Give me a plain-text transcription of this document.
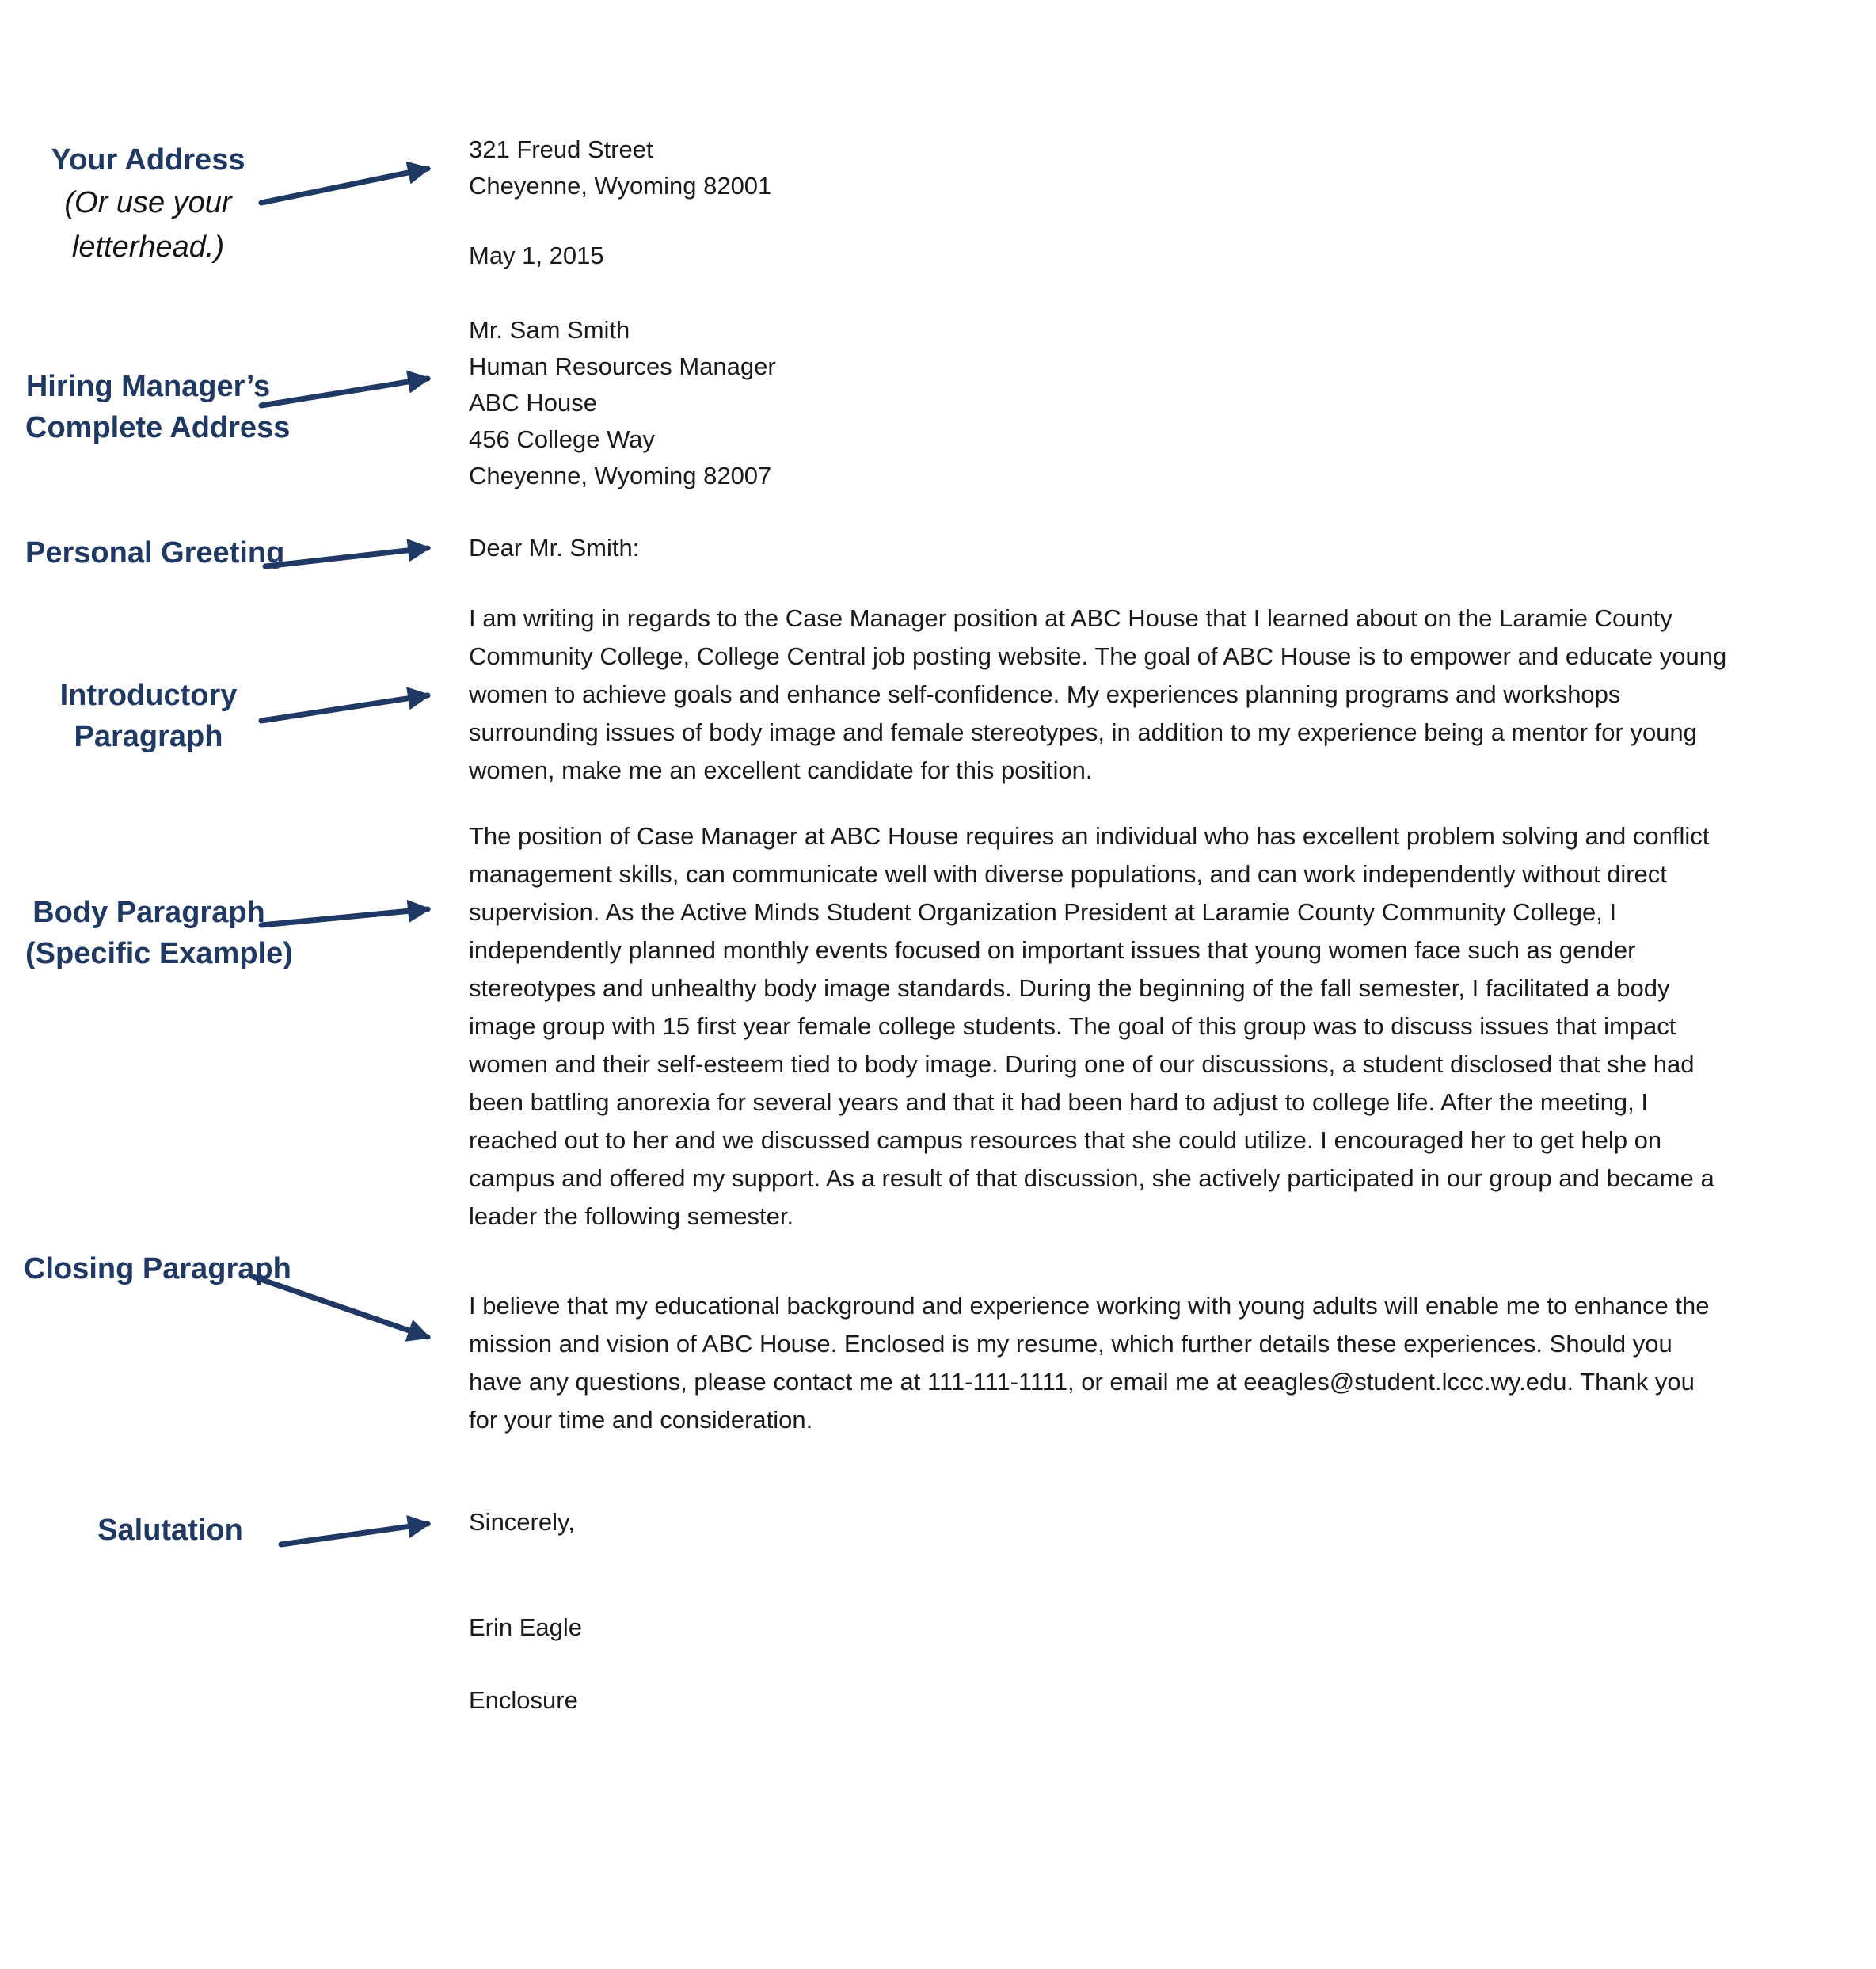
Your Address
(Or use your
letterhead.)
Hiring Manager’s
Complete Address
Personal Greeting
Introductory
Paragraph
Body Paragraph
(Specific Example)
Closing Paragraph
Salutation
321 Freud Street
Cheyenne, Wyoming 82001
May 1, 2015
Mr. Sam Smith
Human Resources Manager
ABC House
456 College Way
Cheyenne, Wyoming 82007
Dear Mr. Smith:
I am writing in regards to the Case Manager position at ABC House that I learned about on the Laramie County Community College, College Central job posting website. The goal of ABC House is to empower and educate young women to achieve goals and enhance self-confidence. My experiences planning programs and workshops surrounding issues of body image and female stereotypes, in addition to my experience being a mentor for young women, make me an excellent candidate for this position.
The position of Case Manager at ABC House requires an individual who has excellent problem solving and conflict management skills, can communicate well with diverse populations, and can work independently without direct supervision. As the Active Minds Student Organization President at Laramie County Community College, I independently planned monthly events focused on important issues that young women face such as gender stereotypes and unhealthy body image standards. During the beginning of the fall semester, I facilitated a body image group with 15 first year female college students. The goal of this group was to discuss issues that impact women and their self-esteem tied to body image. During one of our discussions, a student disclosed that she had been battling anorexia for several years and that it had been hard to adjust to college life. After the meeting, I reached out to her and we discussed campus resources that she could utilize. I encouraged her to get help on campus and offered my support. As a result of that discussion, she actively participated in our group and became a leader the following semester.
I believe that my educational background and experience working with young adults will enable me to enhance the mission and vision of ABC House. Enclosed is my resume, which further details these experiences. Should you have any questions, please contact me at 111-111-1111, or email me at eeagles@student.lccc.wy.edu. Thank you for your time and consideration.
Sincerely,
Erin Eagle
Enclosure
